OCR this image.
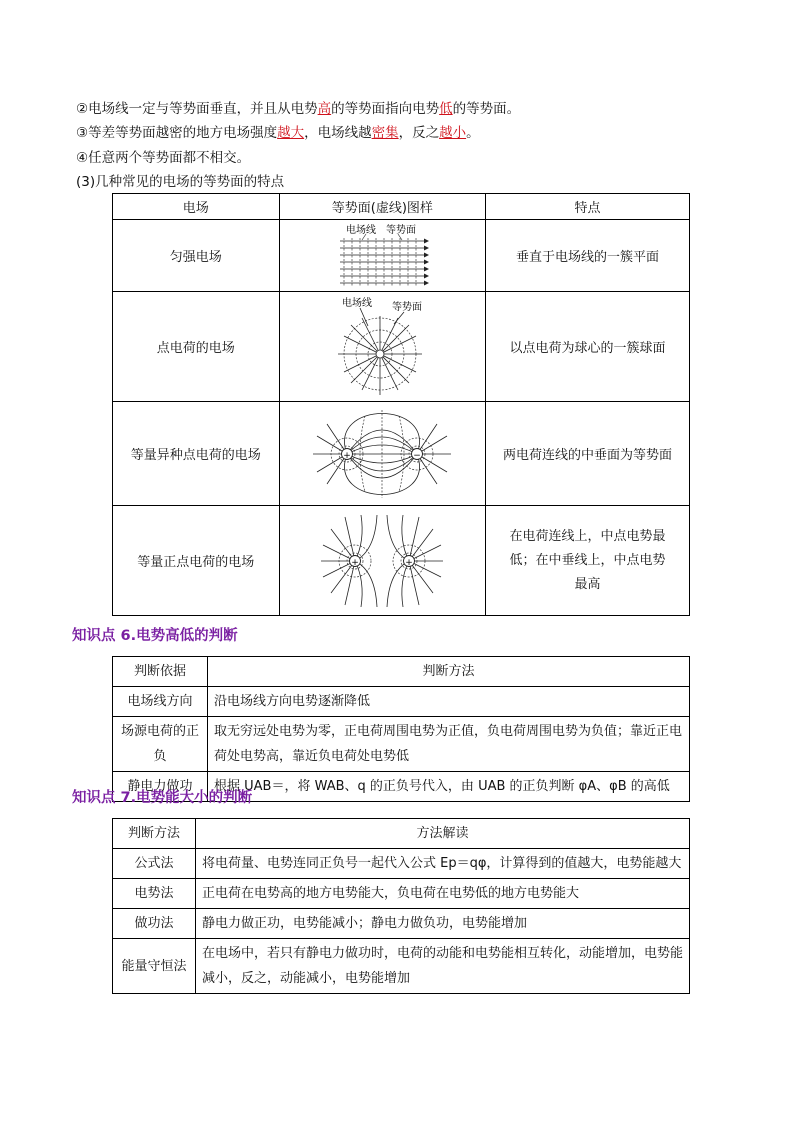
②电场线一定与等势面垂直，并且从电势高的等势面指向电势低的等势面。
③等差等势面越密的地方电场强度越大，电场线越密集，反之越小。
④任意两个等势面都不相交。
(3)几种常见的电场的等势面的特点
电场	等势面(虚线)图样	特点
匀强电场	电场线 等势面	垂直于电场线的一簇平面
点电荷的电场	电场线 等势面	以点电荷为球心的一簇球面
等量异种点电荷的电场	+ −	两电荷连线的中垂面为等势面
等量正点电荷的电场	+ +	在电荷连线上，中点电势最低；在中垂线上，中点电势最高
知识点 6.电势高低的判断
判断依据	判断方法
电场线方向	沿电场线方向电势逐渐降低
场源电荷的正负	取无穷远处电势为零，正电荷周围电势为正值，负电荷周围电势为负值；靠近正电荷处电势高，靠近负电荷处电势低
静电力做功	根据 UAB＝，将 WAB、q 的正负号代入，由 UAB 的正负判断 φA、φB 的高低
知识点 7.电势能大小的判断
判断方法	方法解读
公式法	将电荷量、电势连同正负号一起代入公式 Ep＝qφ，计算得到的值越大，电势能越大
电势法	正电荷在电势高的地方电势能大，负电荷在电势低的地方电势能大
做功法	静电力做正功，电势能减小；静电力做负功，电势能增加
能量守恒法	在电场中，若只有静电力做功时，电荷的动能和电势能相互转化，动能增加，电势能减小，反之，动能减小，电势能增加
